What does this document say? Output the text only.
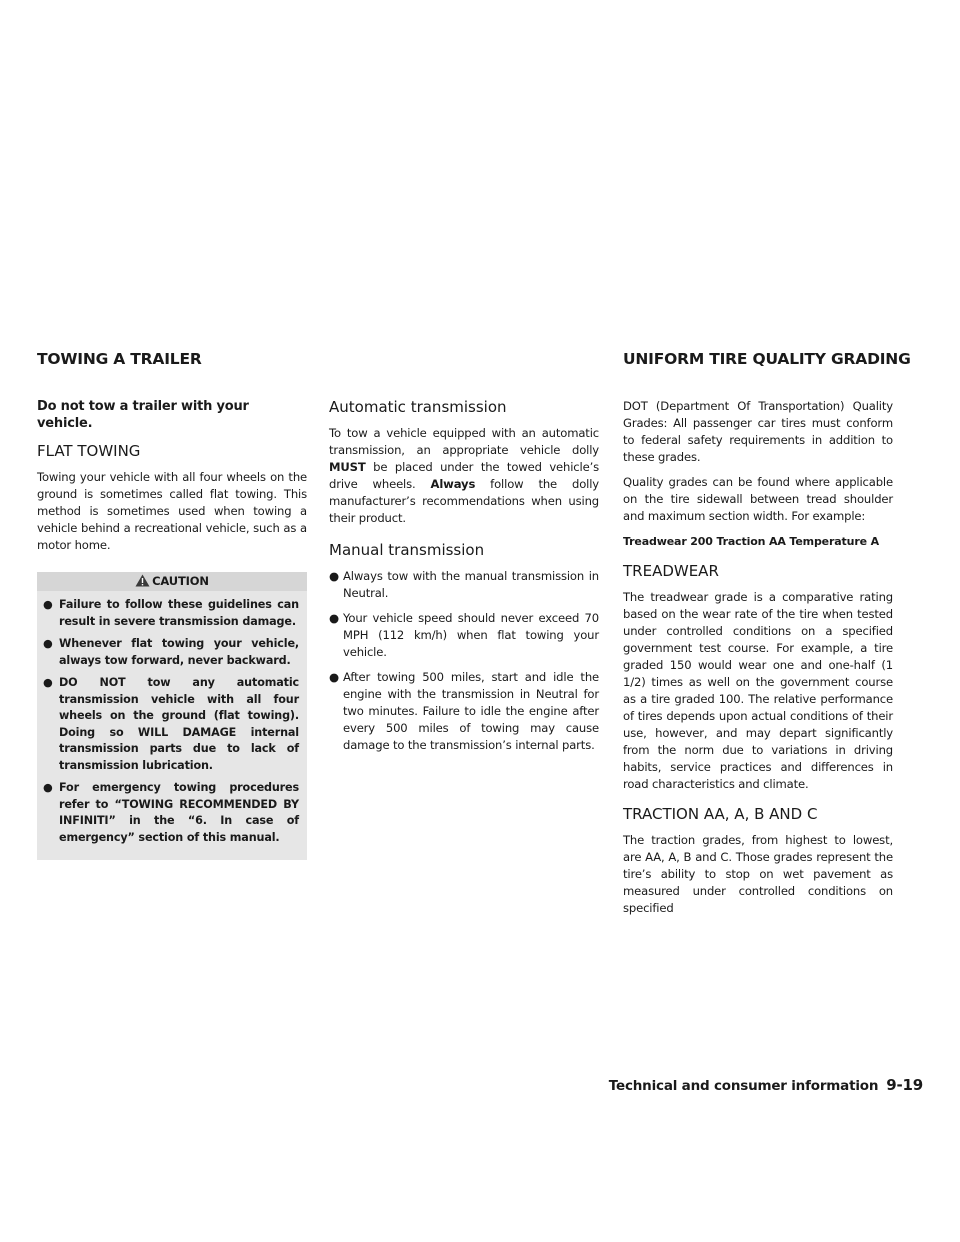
TOWING A TRAILER	UNIFORM TIRE QUALITY GRADING
Do not tow a trailer with your vehicle.
FLAT TOWING

Towing your vehicle with all four wheels on the ground is sometimes called flat towing. This method is sometimes used when towing a vehicle behind a recreational vehicle, such as a motor home.

CAUTION
● Failure to follow these guidelines can result in severe transmission damage.
● Whenever flat towing your vehicle, always tow forward, never backward.
● DO NOT tow any automatic transmission vehicle with all four wheels on the ground (flat towing). Doing so WILL DAMAGE internal transmission parts due to lack of transmission lubrication.
● For emergency towing procedures refer to “TOWING RECOMMENDED BY INFINITI” in the “6. In case of emergency” section of this manual.
Automatic transmission

To tow a vehicle equipped with an automatic transmission, an appropriate vehicle dolly MUST be placed under the towed vehicle’s drive wheels. Always follow the dolly manufacturer’s recommendations when using their product.

Manual transmission
● Always tow with the manual transmission in Neutral.
● Your vehicle speed should never exceed 70 MPH (112 km/h) when flat towing your vehicle.
● After towing 500 miles, start and idle the engine with the transmission in Neutral for two minutes. Failure to idle the engine after every 500 miles of towing may cause damage to the transmission’s internal parts.

DOT (Department Of Transportation) Quality Grades: All passenger car tires must conform to federal safety requirements in addition to these grades.

Quality grades can be found where applicable on the tire sidewall between tread shoulder and maximum section width. For example:

Treadwear 200 Traction AA Temperature A
TREADWEAR

The treadwear grade is a comparative rating based on the wear rate of the tire when tested under controlled conditions on a specified government test course. For example, a tire graded 150 would wear one and one-half (1 1/2) times as well on the government course as a tire graded 100. The relative performance of tires depends upon actual conditions of their use, however, and may depart significantly from the norm due to variations in driving habits, service practices and differences in road characteristics and climate.

TRACTION AA, A, B AND C

The traction grades, from highest to lowest, are AA, A, B and C. Those grades represent the tire’s ability to stop on wet pavement as measured under controlled conditions on specified

Technical and consumer information 9-19
